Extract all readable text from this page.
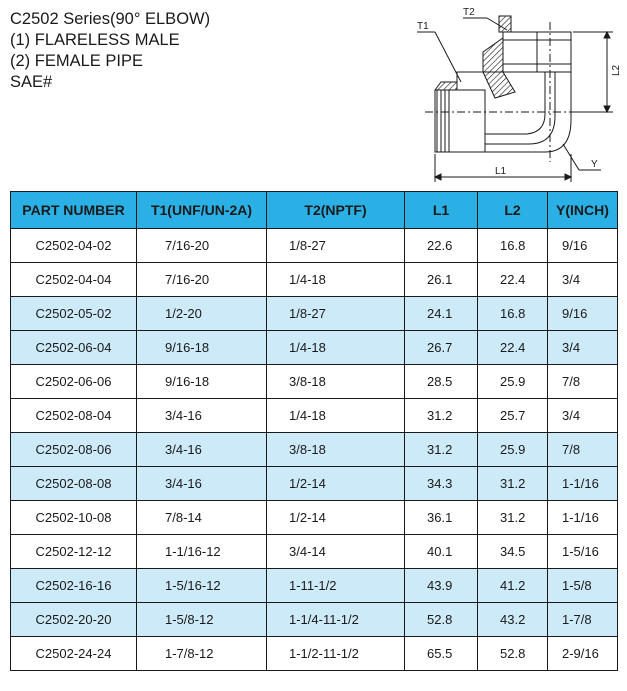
C2502 Series(90° ELBOW)
(1) FLARELESS MALE
(2) FEMALE PIPE
SAE#
T1
T2
L1
L2
Y
PART NUMBER	T1(UNF/UN-2A)	T2(NPTF)	L1	L2	Y(INCH)
C2502-04-02	7/16-20	1/8-27	22.6	16.8	9/16
C2502-04-04	7/16-20	1/4-18	26.1	22.4	3/4
C2502-05-02	1/2-20	1/8-27	24.1	16.8	9/16
C2502-06-04	9/16-18	1/4-18	26.7	22.4	3/4
C2502-06-06	9/16-18	3/8-18	28.5	25.9	7/8
C2502-08-04	3/4-16	1/4-18	31.2	25.7	3/4
C2502-08-06	3/4-16	3/8-18	31.2	25.9	7/8
C2502-08-08	3/4-16	1/2-14	34.3	31.2	1-1/16
C2502-10-08	7/8-14	1/2-14	36.1	31.2	1-1/16
C2502-12-12	1-1/16-12	3/4-14	40.1	34.5	1-5/16
C2502-16-16	1-5/16-12	1-11-1/2	43.9	41.2	1-5/8
C2502-20-20	1-5/8-12	1-1/4-11-1/2	52.8	43.2	1-7/8
C2502-24-24	1-7/8-12	1-1/2-11-1/2	65.5	52.8	2-9/16
